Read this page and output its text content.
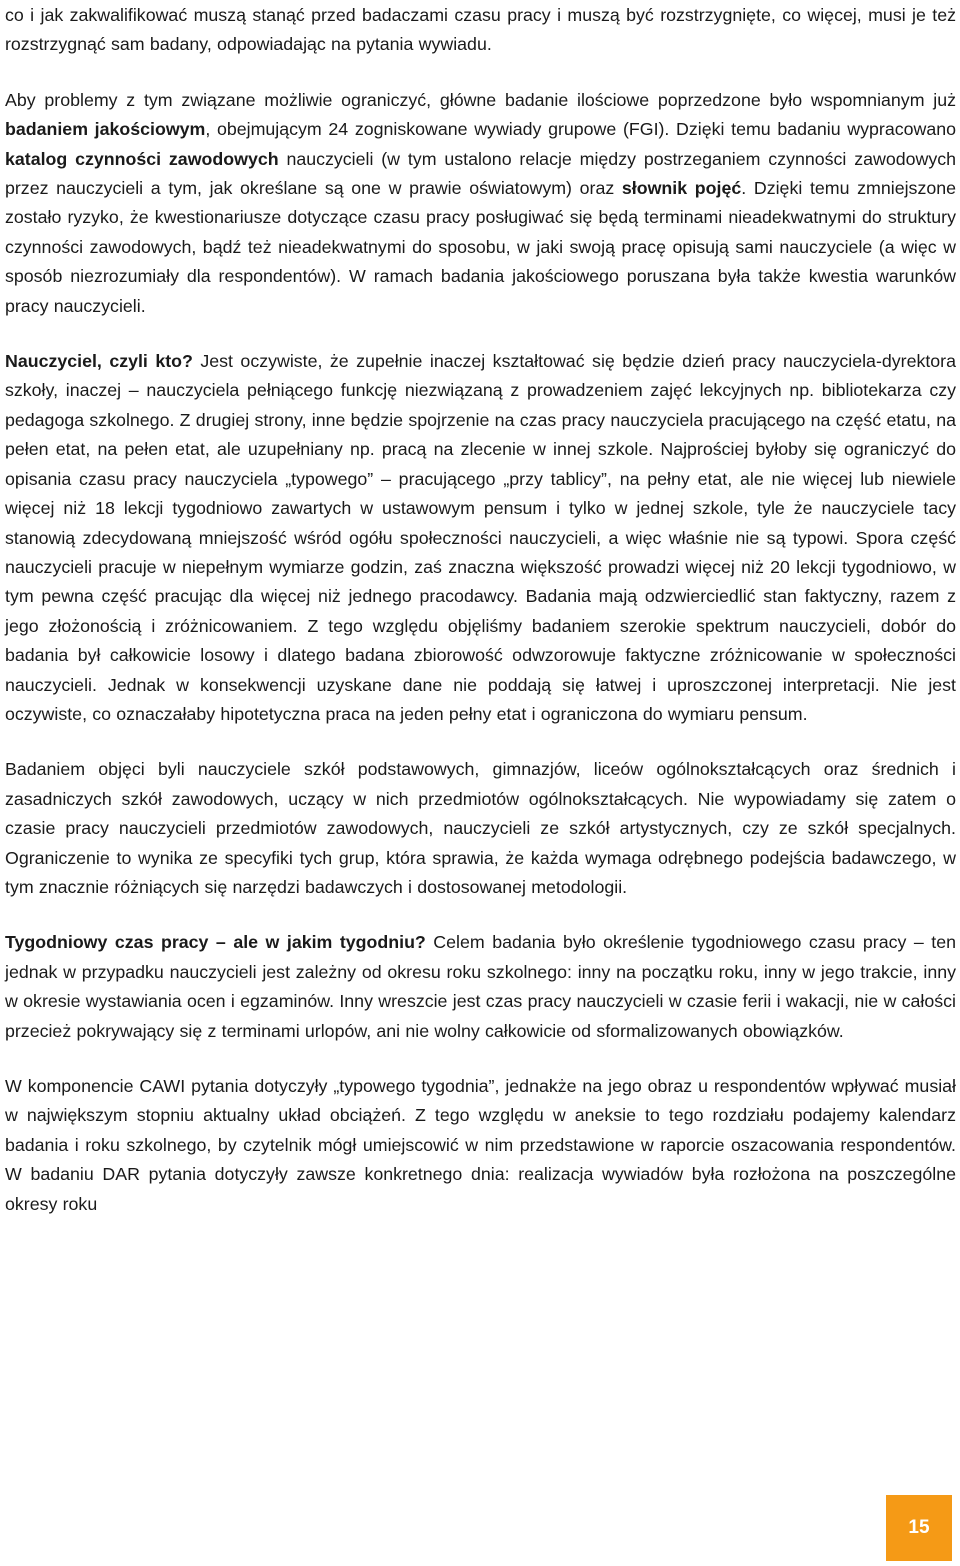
co i jak zakwalifikować muszą stanąć przed badaczami czasu pracy i muszą być rozstrzygnięte, co więcej, musi je też rozstrzygnąć sam badany, odpowiadając na pytania wywiadu.

Aby problemy z tym związane możliwie ograniczyć, główne badanie ilościowe poprzedzone było wspomnianym już badaniem jakościowym, obejmującym 24 zogniskowane wywiady grupowe (FGI). Dzięki temu badaniu wypracowano katalog czynności zawodowych nauczycieli (w tym ustalono relacje między postrzeganiem czynności zawodowych przez nauczycieli a tym, jak określane są one w prawie oświatowym) oraz słownik pojęć. Dzięki temu zmniejszone zostało ryzyko, że kwestionariusze dotyczące czasu pracy posługiwać się będą terminami nieadekwatnymi do struktury czynności zawodowych, bądź też nieadekwatnymi do sposobu, w jaki swoją pracę opisują sami nauczyciele (a więc w sposób niezrozumiały dla respondentów). W ramach badania jakościowego poruszana była także kwestia warunków pracy nauczycieli.

Nauczyciel, czyli kto? Jest oczywiste, że zupełnie inaczej kształtować się będzie dzień pracy nauczyciela-dyrektora szkoły, inaczej – nauczyciela pełniącego funkcję niezwiązaną z prowadzeniem zajęć lekcyjnych np. bibliotekarza czy pedagoga szkolnego. Z drugiej strony, inne będzie spojrzenie na czas pracy nauczyciela pracującego na część etatu, na pełen etat, na pełen etat, ale uzupełniany np. pracą na zlecenie w innej szkole. Najprościej byłoby się ograniczyć do opisania czasu pracy nauczyciela „typowego” – pracującego „przy tablicy”, na pełny etat, ale nie więcej lub niewiele więcej niż 18 lekcji tygodniowo zawartych w ustawowym pensum i tylko w jednej szkole, tyle że nauczyciele tacy stanowią zdecydowaną mniejszość wśród ogółu społeczności nauczycieli, a więc właśnie nie są typowi. Spora część nauczycieli pracuje w niepełnym wymiarze godzin, zaś znaczna większość prowadzi więcej niż 20 lekcji tygodniowo, w tym pewna część pracując dla więcej niż jednego pracodawcy. Badania mają odzwierciedlić stan faktyczny, razem z jego złożonością i zróżnicowaniem. Z tego względu objęliśmy badaniem szerokie spektrum nauczycieli, dobór do badania był całkowicie losowy i dlatego badana zbiorowość odwzorowuje faktyczne zróżnicowanie w społeczności nauczycieli. Jednak w konsekwencji uzyskane dane nie poddają się łatwej i uproszczonej interpretacji. Nie jest oczywiste, co oznaczałaby hipotetyczna praca na jeden pełny etat i ograniczona do wymiaru pensum.

Badaniem objęci byli nauczyciele szkół podstawowych, gimnazjów, liceów ogólnokształcących oraz średnich i zasadniczych szkół zawodowych, uczący w nich przedmiotów ogólnokształcących. Nie wypowiadamy się zatem o czasie pracy nauczycieli przedmiotów zawodowych, nauczycieli ze szkół artystycznych, czy ze szkół specjalnych. Ograniczenie to wynika ze specyfiki tych grup, która sprawia, że każda wymaga odrębnego podejścia badawczego, w tym znacznie różniących się narzędzi badawczych i dostosowanej metodologii.

Tygodniowy czas pracy – ale w jakim tygodniu? Celem badania było określenie tygodniowego czasu pracy – ten jednak w przypadku nauczycieli jest zależny od okresu roku szkolnego: inny na początku roku, inny w jego trakcie, inny w okresie wystawiania ocen i egzaminów. Inny wreszcie jest czas pracy nauczycieli w czasie ferii i wakacji, nie w całości przecież pokrywający się z terminami urlopów, ani nie wolny całkowicie od sformalizowanych obowiązków.

W komponencie CAWI pytania dotyczyły „typowego tygodnia”, jednakże na jego obraz u respondentów wpływać musiał w największym stopniu aktualny układ obciążeń. Z tego względu w aneksie to tego rozdziału podajemy kalendarz badania i roku szkolnego, by czytelnik mógł umiejscowić w nim przedstawione w raporcie oszacowania respondentów. W badaniu DAR pytania dotyczyły zawsze konkretnego dnia: realizacja wywiadów była rozłożona na poszczególne okresy roku

15
